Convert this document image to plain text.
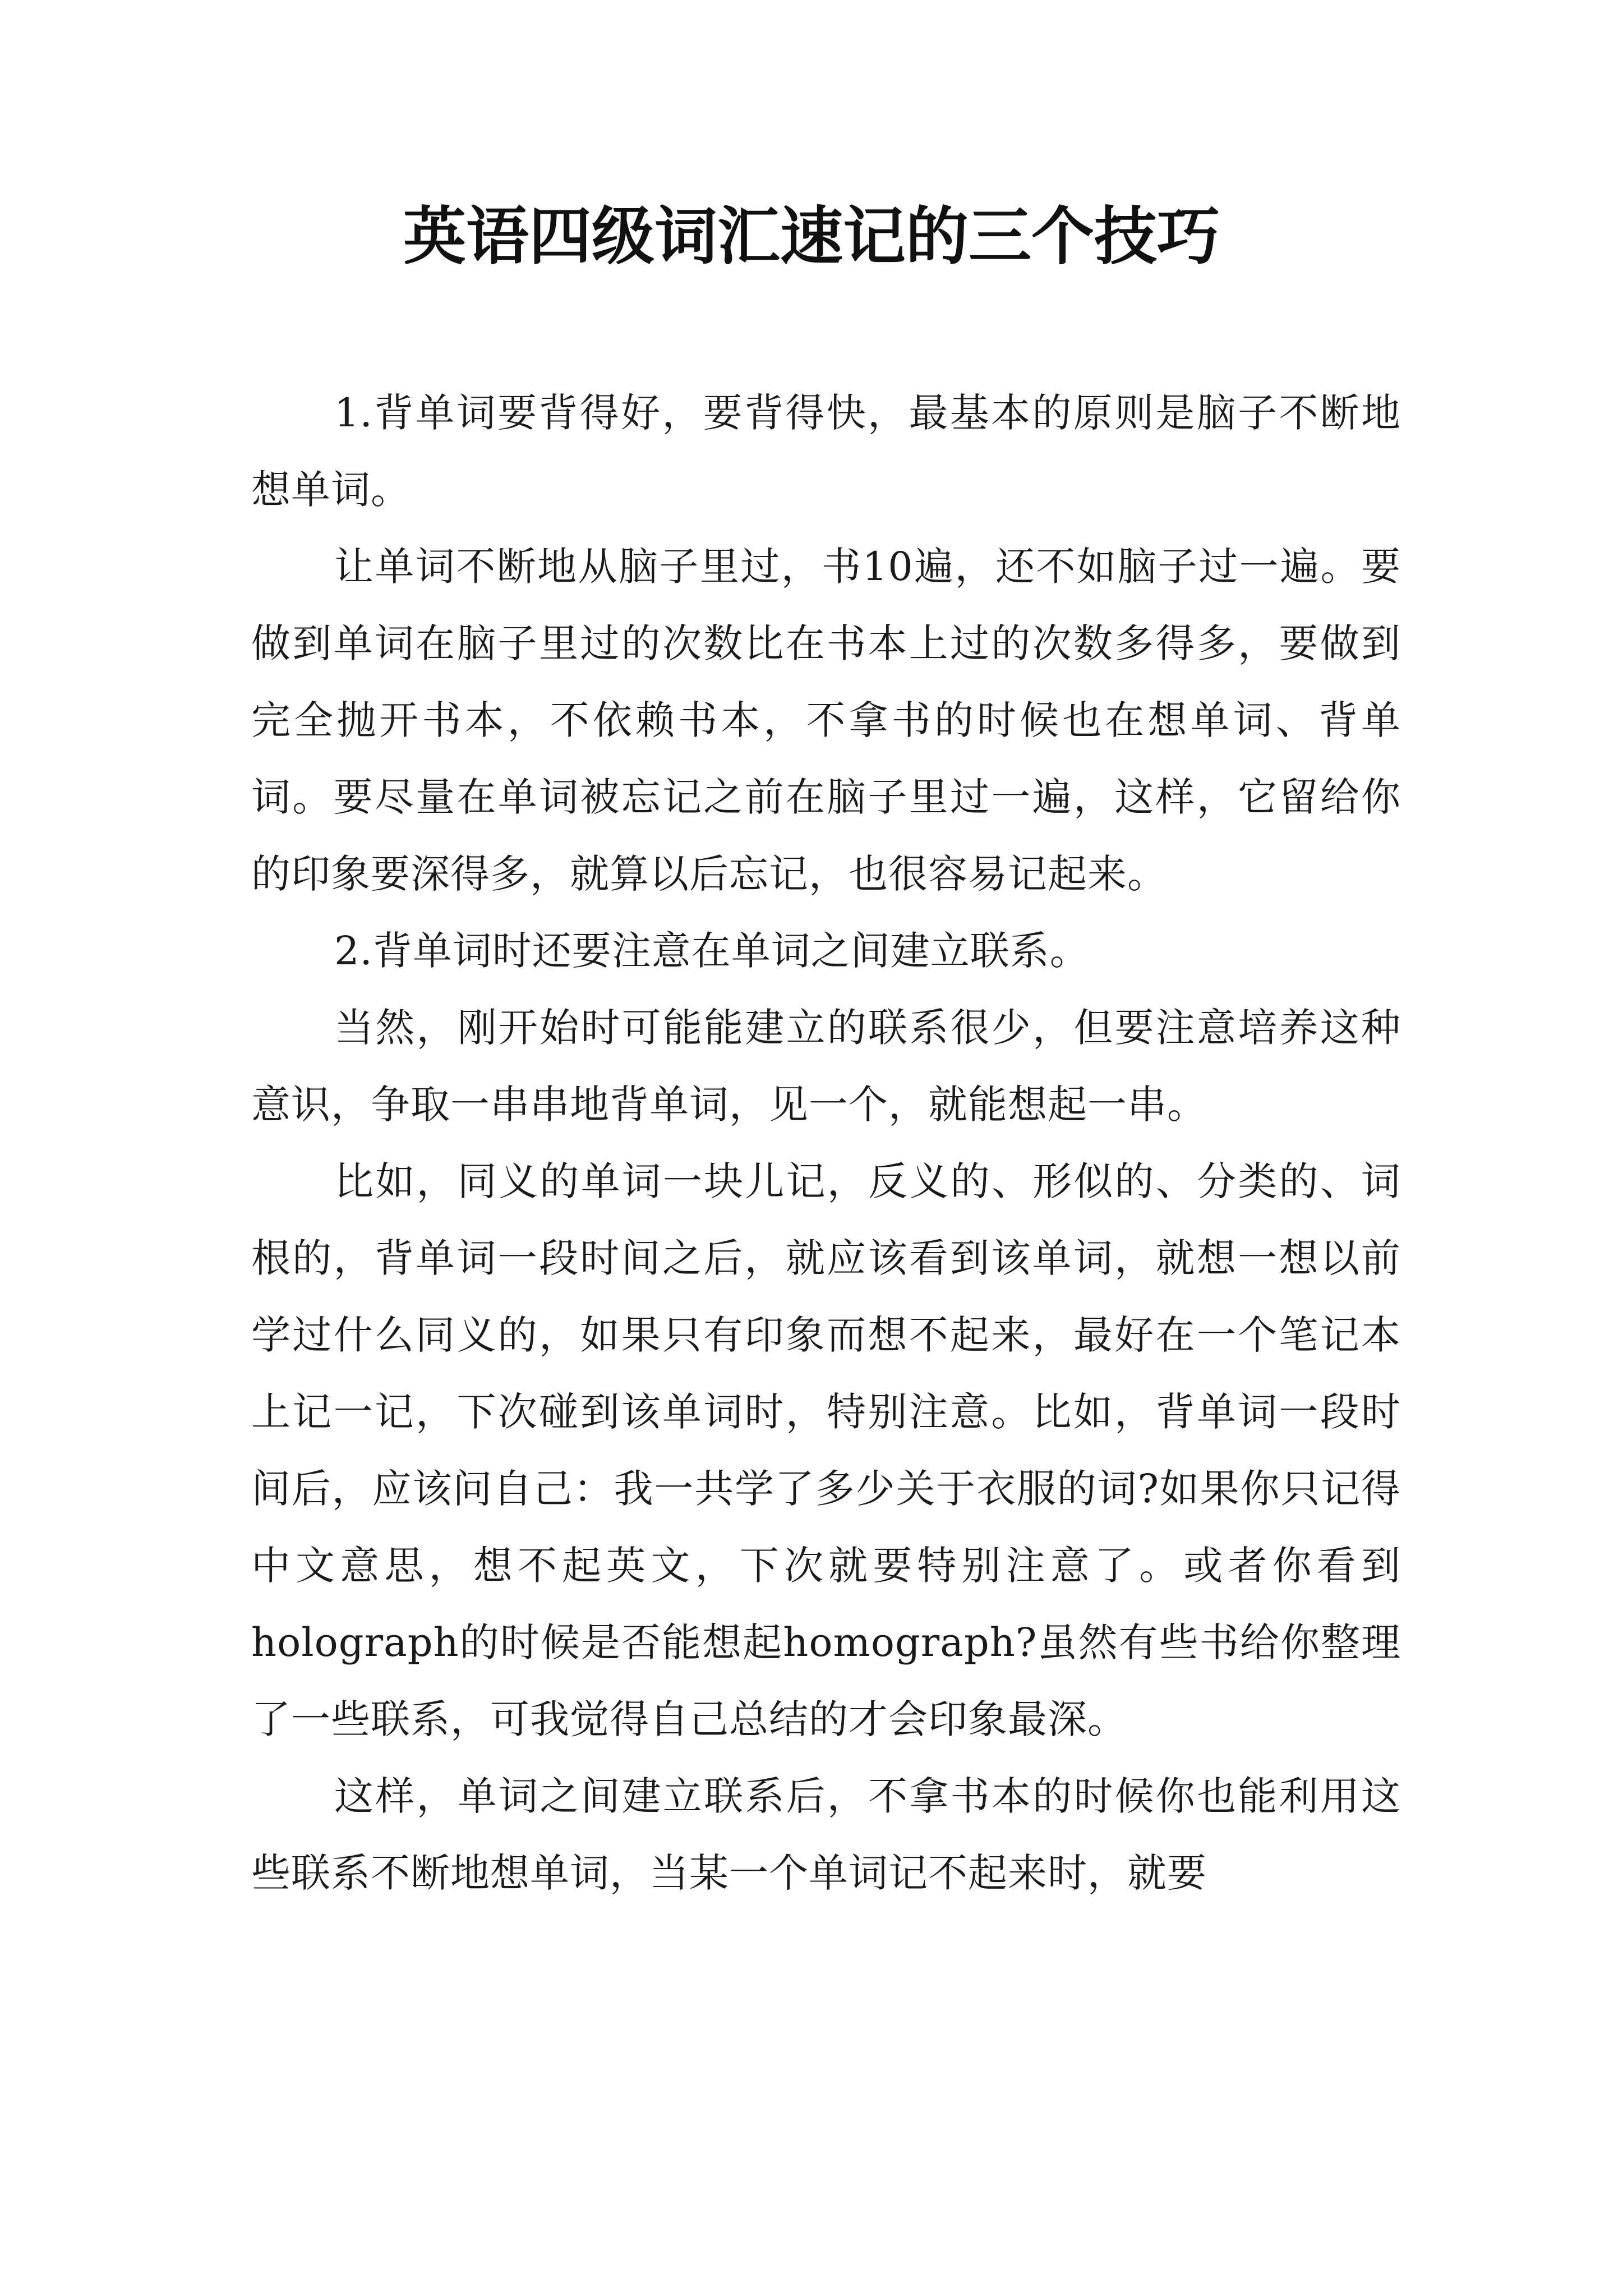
英语四级词汇速记的三个技巧

1.背单词要背得好，要背得快，最基本的原则是脑子不断地想单词。

让单词不断地从脑子里过，书10遍，还不如脑子过一遍。要做到单词在脑子里过的次数比在书本上过的次数多得多，要做到完全抛开书本，不依赖书本，不拿书的时候也在想单词、背单词。要尽量在单词被忘记之前在脑子里过一遍，这样，它留给你的印象要深得多，就算以后忘记，也很容易记起来。

2.背单词时还要注意在单词之间建立联系。

当然，刚开始时可能能建立的联系很少，但要注意培养这种意识，争取一串串地背单词，见一个，就能想起一串。

比如，同义的单词一块儿记，反义的、形似的、分类的、词根的，背单词一段时间之后，就应该看到该单词，就想一想以前学过什么同义的，如果只有印象而想不起来，最好在一个笔记本上记一记，下次碰到该单词时，特别注意。比如，背单词一段时间后，应该问自己：我一共学了多少关于衣服的词?如果你只记得中文意思，想不起英文，下次就要特别注意了。或者你看到holograph的时候是否能想起homograph?虽然有些书给你整理了一些联系，可我觉得自己总结的才会印象最深。

这样，单词之间建立联系后，不拿书本的时候你也能利用这些联系不断地想单词，当某一个单词记不起来时，就要
